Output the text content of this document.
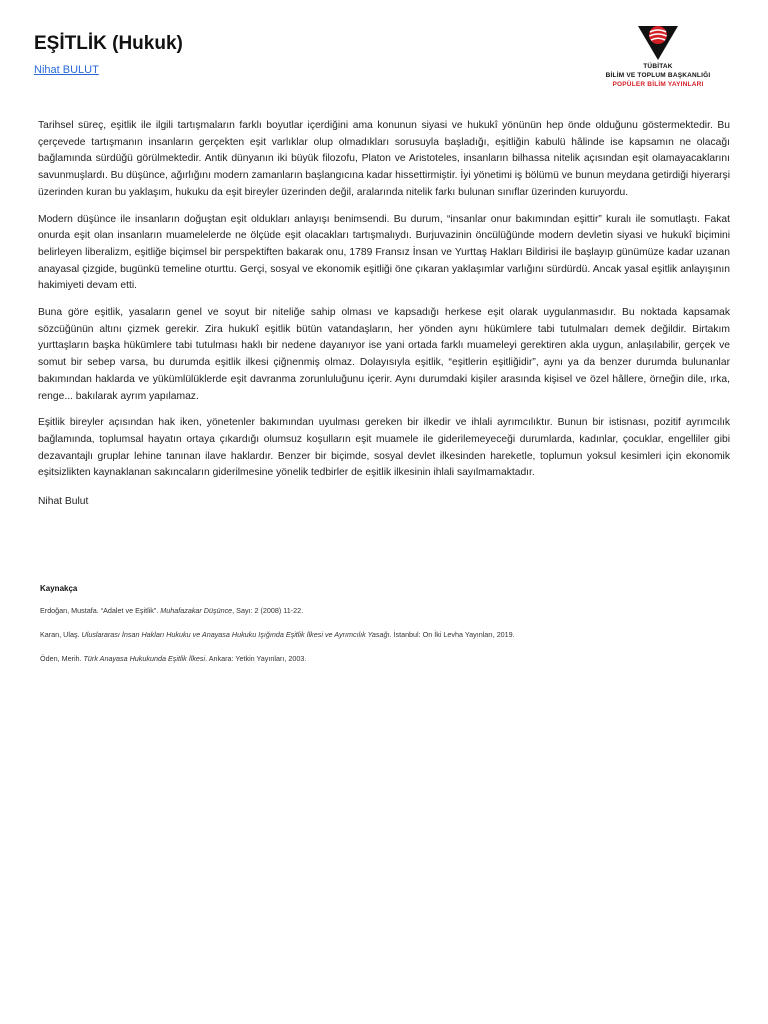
EŞİTLİK (Hukuk)
Nihat BULUT	TÜBİTAK
BİLİM VE TOPLUM BAŞKANLIĞI
POPÜLER BİLİM YAYINLARI

Tarihsel süreç, eşitlik ile ilgili tartışmaların farklı boyutlar içerdiğini ama konunun siyasi ve hukukî yönünün hep önde olduğunu göstermektedir. Bu çerçevede tartışmanın insanların gerçekten eşit varlıklar olup olmadıkları sorusuyla başladığı, eşitliğin kabulü hâlinde ise kapsamın ne olacağı bağlamında sürdüğü görülmektedir. Antik dünyanın iki büyük filozofu, Platon ve Aristoteles, insanların bilhassa nitelik açısından eşit olamayacaklarını savunmuşlardı. Bu düşünce, ağırlığını modern zamanların başlangıcına kadar hissettirmiştir. İyi yönetimi iş bölümü ve bunun meydana getirdiği hiyerarşi üzerinden kuran bu yaklaşım, hukuku da eşit bireyler üzerinden değil, aralarında nitelik farkı bulunan sınıflar üzerinden kuruyordu.

Modern düşünce ile insanların doğuştan eşit oldukları anlayışı benimsendi. Bu durum, “insanlar onur bakımından eşittir” kuralı ile somutlaştı. Fakat onurda eşit olan insanların muamelelerde ne ölçüde eşit olacakları tartışmalıydı. Burjuvazinin öncülüğünde modern devletin siyasi ve hukukî biçimini belirleyen liberalizm, eşitliğe biçimsel bir perspektiften bakarak onu, 1789 Fransız İnsan ve Yurttaş Hakları Bildirisi ile başlayıp günümüze kadar uzanan anayasal çizgide, bugünkü temeline oturttu. Gerçi, sosyal ve ekonomik eşitliği öne çıkaran yaklaşımlar varlığını sürdürdü. Ancak yasal eşitlik anlayışının hakimiyeti devam etti.

Buna göre eşitlik, yasaların genel ve soyut bir niteliğe sahip olması ve kapsadığı herkese eşit olarak uygulanmasıdır. Bu noktada kapsamak sözcüğünün altını çizmek gerekir. Zira hukukî eşitlik bütün vatandaşların, her yönden aynı hükümlere tabi tutulmaları demek değildir. Birtakım yurttaşların başka hükümlere tabi tutulması haklı bir nedene dayanıyor ise yani ortada farklı muameleyi gerektiren akla uygun, anlaşılabilir, gerçek ve somut bir sebep varsa, bu durumda eşitlik ilkesi çiğnenmiş olmaz. Dolayısıyla eşitlik, “eşitlerin eşitliğidir”, aynı ya da benzer durumda bulunanlar bakımından haklarda ve yükümlülüklerde eşit davranma zorunluluğunu içerir. Aynı durumdaki kişiler arasında kişisel ve özel hâllere, örneğin dile, ırka, renge... bakılarak ayrım yapılamaz.

Eşitlik bireyler açısından hak iken, yönetenler bakımından uyulması gereken bir ilkedir ve ihlali ayrımcılıktır. Bunun bir istisnası, pozitif ayrımcılık bağlamında, toplumsal hayatın ortaya çıkardığı olumsuz koşulların eşit muamele ile giderilemeyeceği durumlarda, kadınlar, çocuklar, engelliler gibi dezavantajlı gruplar lehine tanınan ilave haklardır. Benzer bir biçimde, sosyal devlet ilkesinden hareketle, toplumun yoksul kesimleri için ekonomik eşitsizlikten kaynaklanan sakıncaların giderilmesine yönelik tedbirler de eşitlik ilkesinin ihlali sayılmamaktadır.

Nihat Bulut

Kaynakça
Erdoğan, Mustafa. “Adalet ve Eşitlik”. Muhafazakar Düşünce, Sayı: 2 (2008) 11-22.
Karan, Ulaş. Uluslararası İnsan Hakları Hukuku ve Anayasa Hukuku Işığında Eşitlik İlkesi ve Ayrımcılık Yasağı. İstanbul: On İki Levha Yayınları, 2019.
Öden, Merih. Türk Anayasa Hukukunda Eşitlik İlkesi. Ankara: Yetkin Yayınları, 2003.
